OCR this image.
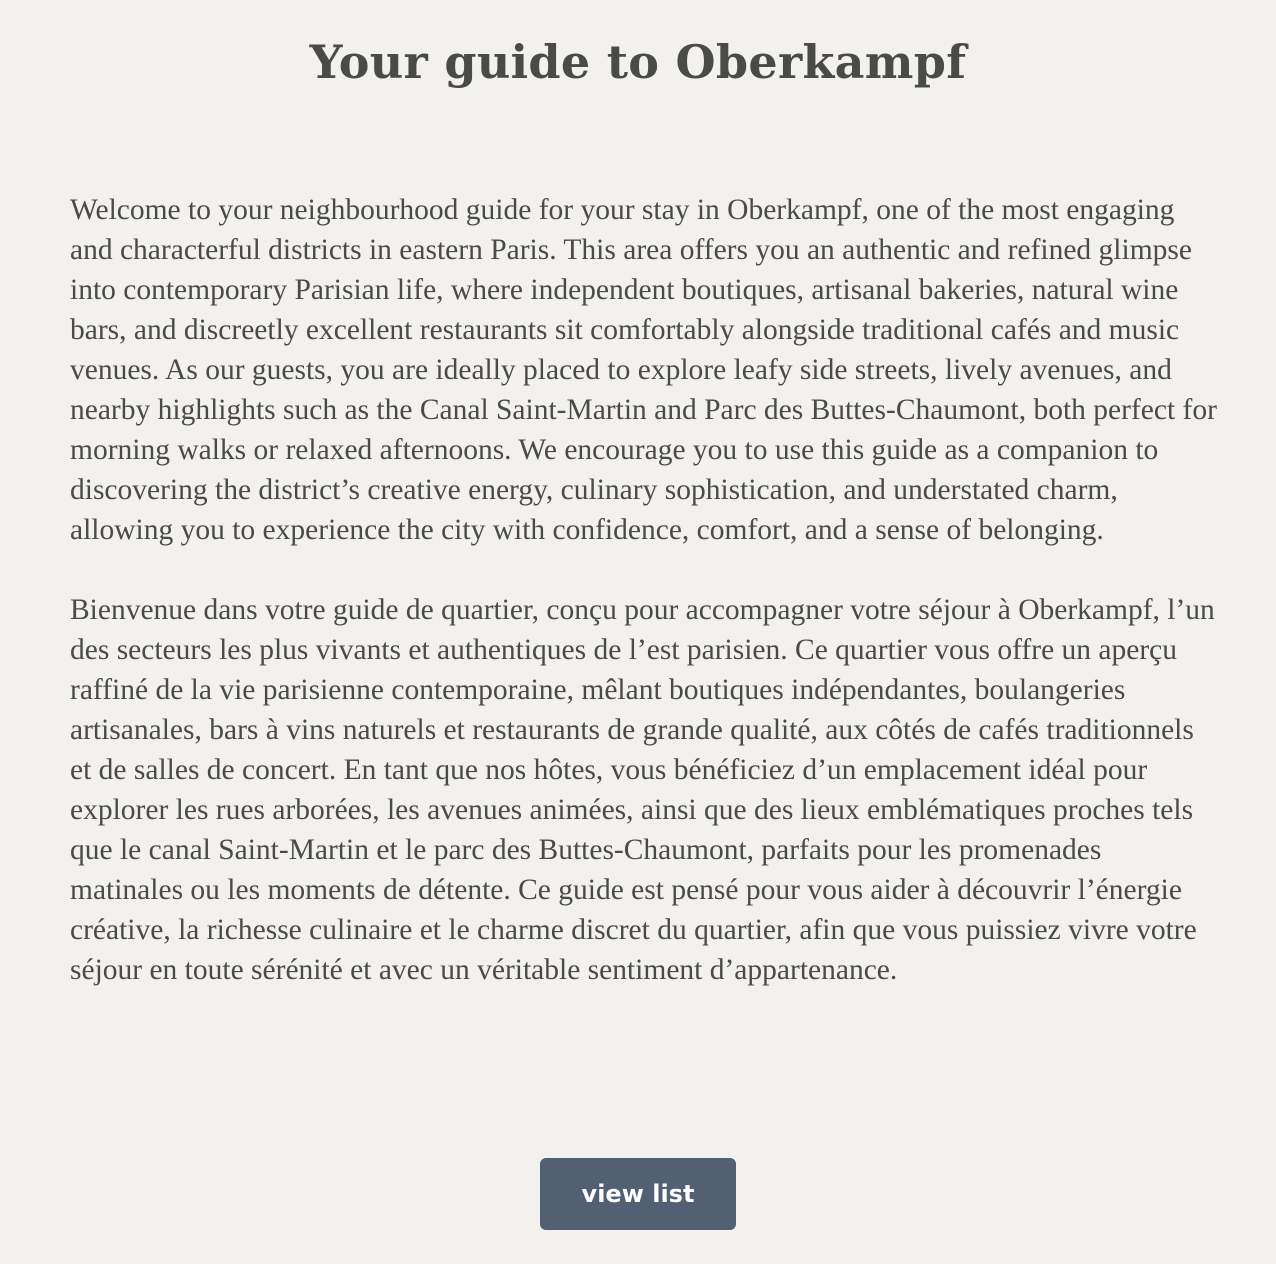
Your guide to Oberkampf

Welcome to your neighbourhood guide for your stay in Oberkampf, one of the most engaging and characterful districts in eastern Paris. This area offers you an authentic and refined glimpse into contemporary Parisian life, where independent boutiques, artisanal bakeries, natural wine bars, and discreetly excellent restaurants sit comfortably alongside traditional cafés and music venues. As our guests, you are ideally placed to explore leafy side streets, lively avenues, and nearby highlights such as the Canal Saint-Martin and Parc des Buttes-Chaumont, both perfect for morning walks or relaxed afternoons. We encourage you to use this guide as a companion to discovering the district’s creative energy, culinary sophistication, and understated charm, allowing you to experience the city with confidence, comfort, and a sense of belonging.

Bienvenue dans votre guide de quartier, conçu pour accompagner votre séjour à Oberkampf, l’un des secteurs les plus vivants et authentiques de l’est parisien. Ce quartier vous offre un aperçu raffiné de la vie parisienne contemporaine, mêlant boutiques indépendantes, boulangeries artisanales, bars à vins naturels et restaurants de grande qualité, aux côtés de cafés traditionnels et de salles de concert. En tant que nos hôtes, vous bénéficiez d’un emplacement idéal pour explorer les rues arborées, les avenues animées, ainsi que des lieux emblématiques proches tels que le canal Saint-Martin et le parc des Buttes-Chaumont, parfaits pour les promenades matinales ou les moments de détente. Ce guide est pensé pour vous aider à découvrir l’énergie créative, la richesse culinaire et le charme discret du quartier, afin que vous puissiez vivre votre séjour en toute sérénité et avec un véritable sentiment d’appartenance.

view list
